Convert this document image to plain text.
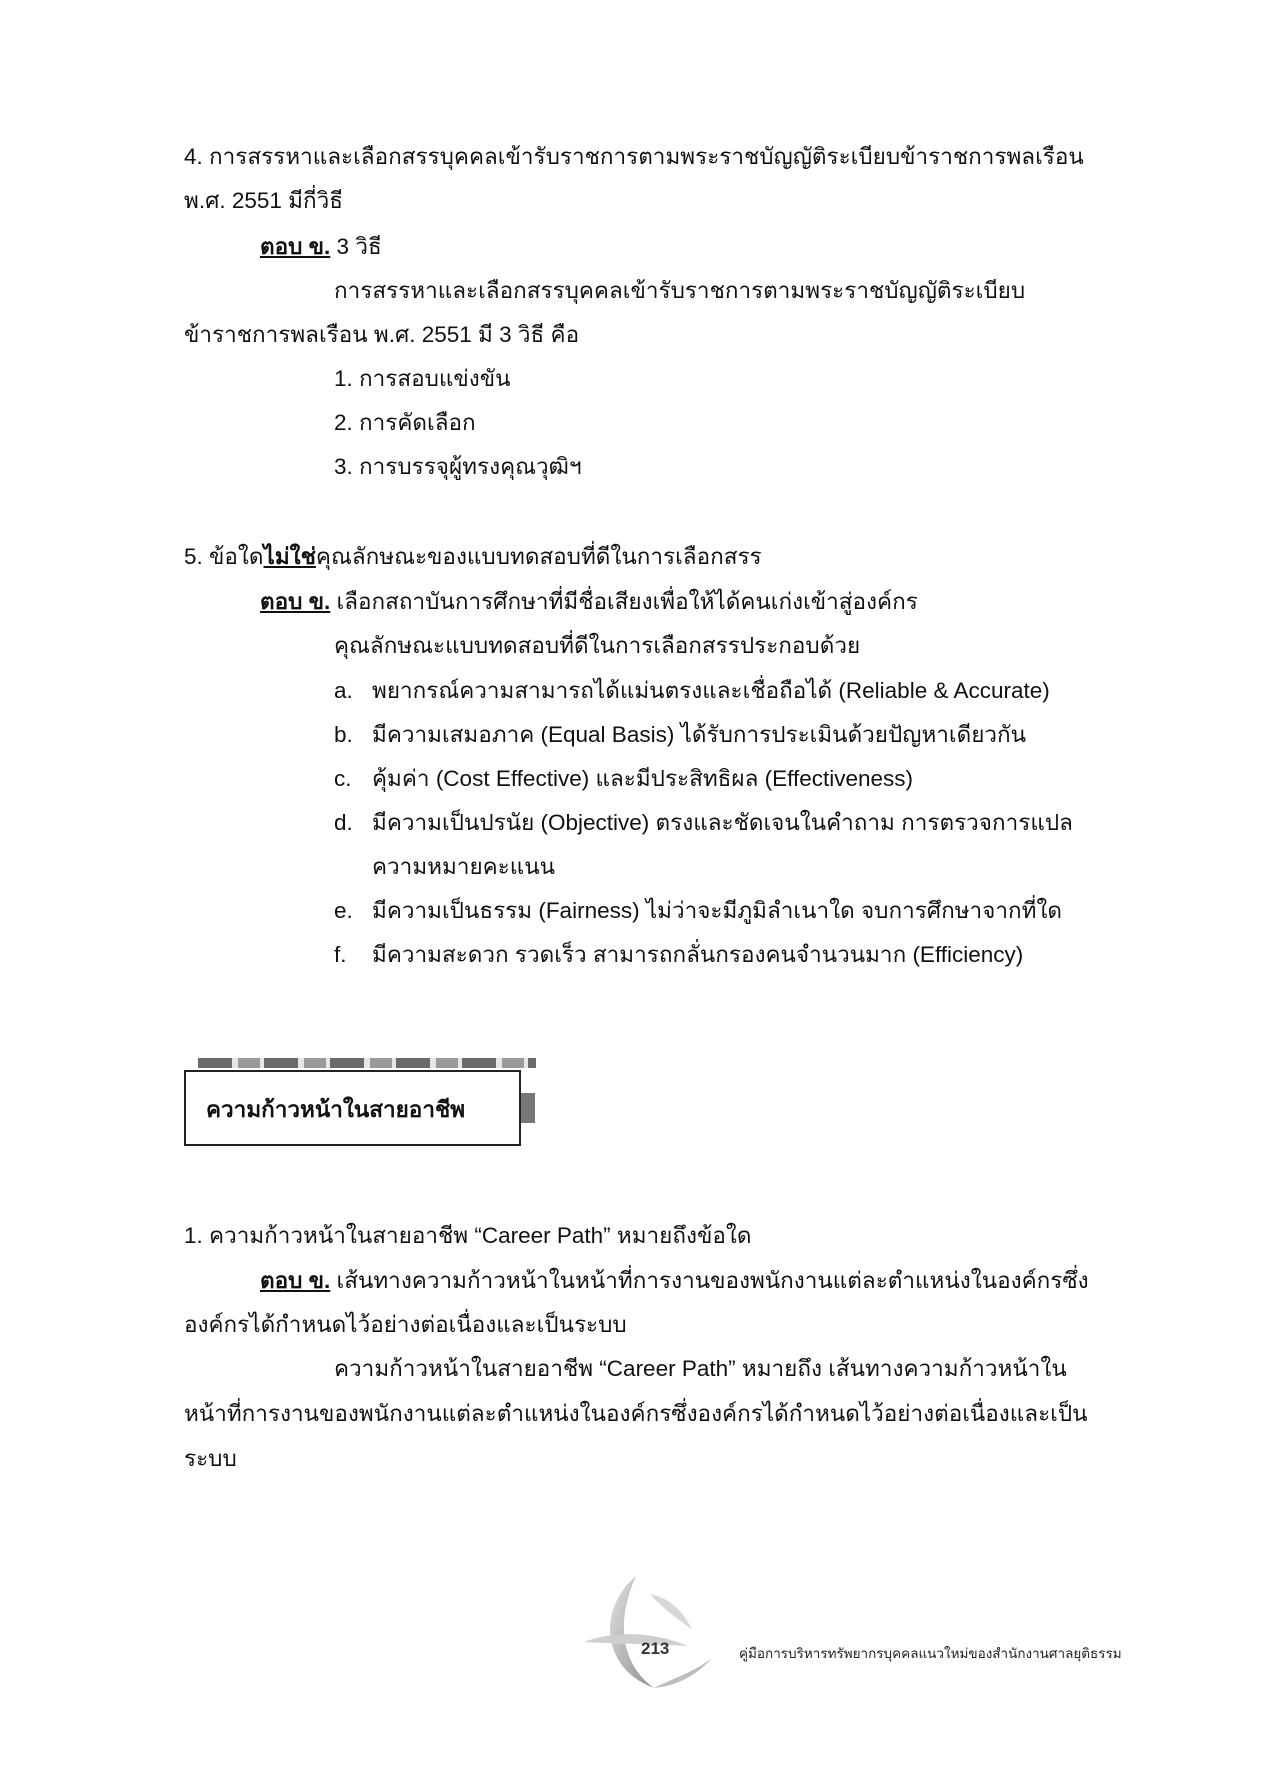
4. การสรรหาและเลือกสรรบุคคลเข้ารับราชการตามพระราชบัญญัติระเบียบข้าราชการพลเรือน
พ.ศ. 2551 มีกี่วิธี
ตอบ ข. 3 วิธี
การสรรหาและเลือกสรรบุคคลเข้ารับราชการตามพระราชบัญญัติระเบียบ
ข้าราชการพลเรือน พ.ศ. 2551 มี 3 วิธี คือ
1. การสอบแข่งขัน
2. การคัดเลือก
3. การบรรจุผู้ทรงคุณวุฒิฯ
5. ข้อใดไม่ใช่คุณลักษณะของแบบทดสอบที่ดีในการเลือกสรร
ตอบ ข. เลือกสถาบันการศึกษาที่มีชื่อเสียงเพื่อให้ได้คนเก่งเข้าสู่องค์กร
คุณลักษณะแบบทดสอบที่ดีในการเลือกสรรประกอบด้วย
a. พยากรณ์ความสามารถได้แม่นตรงและเชื่อถือได้ (Reliable & Accurate)
b. มีความเสมอภาค (Equal Basis) ได้รับการประเมินด้วยปัญหาเดียวกัน
c. คุ้มค่า (Cost Effective) และมีประสิทธิผล (Effectiveness)
d. มีความเป็นปรนัย (Objective) ตรงและชัดเจนในคำถาม การตรวจการแปล
ความหมายคะแนน
e. มีความเป็นธรรม (Fairness) ไม่ว่าจะมีภูมิลำเนาใด จบการศึกษาจากที่ใด
f. มีความสะดวก รวดเร็ว สามารถกลั่นกรองคนจำนวนมาก (Efficiency)
ความก้าวหน้าในสายอาชีพ
1. ความก้าวหน้าในสายอาชีพ “Career Path” หมายถึงข้อใด
ตอบ ข. เส้นทางความก้าวหน้าในหน้าที่การงานของพนักงานแต่ละตำแหน่งในองค์กรซึ่ง
องค์กรได้กำหนดไว้อย่างต่อเนื่องและเป็นระบบ
ความก้าวหน้าในสายอาชีพ “Career Path” หมายถึง เส้นทางความก้าวหน้าใน
หน้าที่การงานของพนักงานแต่ละตำแหน่งในองค์กรซึ่งองค์กรได้กำหนดไว้อย่างต่อเนื่องและเป็น
ระบบ
213	คู่มือการบริหารทรัพยากรบุคคลแนวใหม่ของสำนักงานศาลยุติธรรม
